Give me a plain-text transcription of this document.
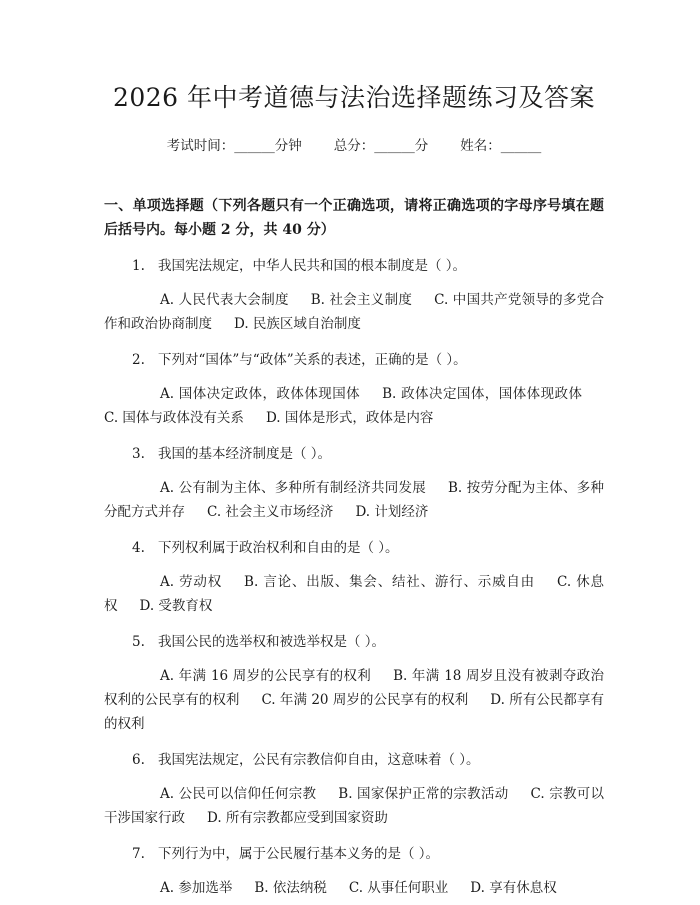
2026 年中考道德与法治选择题练习及答案
考试时间：______分钟 总分：______分 姓名：______
一、单项选择题（下列各题只有一个正确选项，请将正确选项的字母序号填在题后括号内。每小题 2 分，共 40 分）

1. 我国宪法规定，中华人民共和国的根本制度是（ ）。

A. 人民代表大会制度 B. 社会主义制度 C. 中国共产党领导的多党合作和政治协商制度 D. 民族区域自治制度

2. 下列对“国体”与“政体”关系的表述，正确的是（ ）。

A. 国体决定政体，政体体现国体 B. 政体决定国体，国体体现政体C. 国体与政体没有关系 D. 国体是形式，政体是内容

3. 我国的基本经济制度是（ ）。

A. 公有制为主体、多种所有制经济共同发展 B. 按劳分配为主体、多种分配方式并存 C. 社会主义市场经济 D. 计划经济

4. 下列权利属于政治权利和自由的是（ ）。

A. 劳动权 B. 言论、出版、集会、结社、游行、示威自由 C. 休息权 D. 受教育权

5. 我国公民的选举权和被选举权是（ ）。

A. 年满 16 周岁的公民享有的权利 B. 年满 18 周岁且没有被剥夺政治权利的公民享有的权利 C. 年满 20 周岁的公民享有的权利 D. 所有公民都享有的权利

6. 我国宪法规定，公民有宗教信仰自由，这意味着（ ）。

A. 公民可以信仰任何宗教 B. 国家保护正常的宗教活动 C. 宗教可以干涉国家行政 D. 所有宗教都应受到国家资助

7. 下列行为中，属于公民履行基本义务的是（ ）。

A. 参加选举 B. 依法纳税 C. 从事任何职业 D. 享有休息权
